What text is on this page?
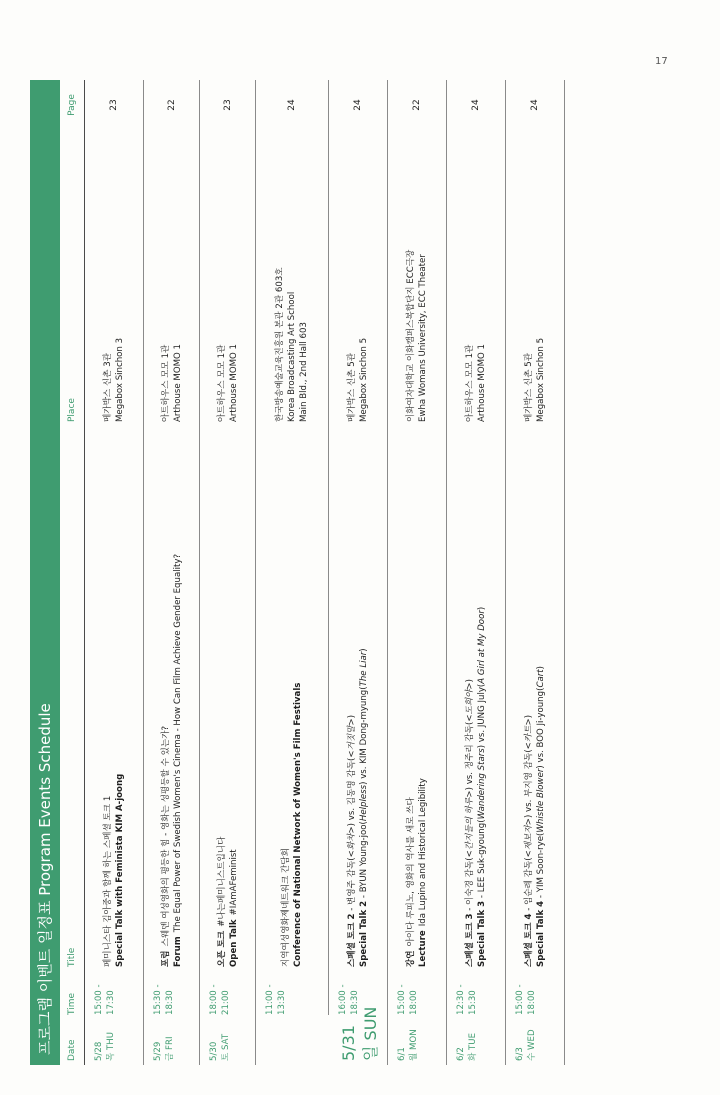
17
프로그램 이벤트 일정표 Program Events Schedule	Date
Time
Title
Place
Page
5/28 목 THU
15:00 - 17:30
페미니스타 김아중과 함께 하는 스페셜 토크 1 Special Talk with Feminista KIM A-joong
메가박스 신촌 3관 Megabox Sinchon 3
23
5/29 금 FRI
15:30 - 18:30
포럼스웨덴 여성영화의 평등한 힘 - 영화는 성평등할 수 있는가?
ForumThe Equal Power of Swedish Women's Cinema - How Can Film Achieve Gender Equality?
아트하우스 모모 1관 Arthouse MOMO 1
22
5/30 토 SAT
18:00 - 21:00
오픈 토크#나는페미니스트입니다
Open Talk#IAmAFeminist
아트하우스 모모 1관 Arthouse MOMO 1
23
5/31 일 SUN
11:00 - 13:30
지역여성영화제네트워크 간담회 Conference of National Network of Women's Film Festivals
한국방송예술교육진흥원 본관 2관 603호 Korea Broadcasting Art School Main Bld., 2nd Hall 603
24
16:00 - 18:30
스페셜 토크 2 - 변영주 감독(<화차>) vs. 김동명 감독(<거짓말>)
Special Talk 2 - BYUN Young-joo(Helpless) vs. KIM Dong-myung(The Liar)
메가박스 신촌 5관 Megabox Sinchon 5
24
6/1 월 MON
15:00 - 18:00
강연아이다 루피노, 영화의 역사를 새로 쓰다
LectureIda Lupino and Historical Legibility
이화여자대학교 이화캠퍼스복합단지 ECC극장 Ewha Womans University, ECC Theater
22
6/2 화 TUE
12:30 - 15:30
스페셜 토크 3 - 이숙경 감독(<간지들의 하루>) vs. 정주리 감독(<도희야>)
Special Talk 3 - LEE Suk-gyoung(Wandering Stars) vs. JUNG July(A Girl at My Door)
아트하우스 모모 1관 Arthouse MOMO 1
24
6/3 수 WED
15:00 - 18:00
스페셜 토크 4 - 임순례 감독(<제보자>) vs. 부지영 감독(<카트>)
Special Talk 4 - YIM Soon-rye(Whistle Blower) vs. BOO Ji-young(Cart)
메가박스 신촌 5관 Megabox Sinchon 5
24
